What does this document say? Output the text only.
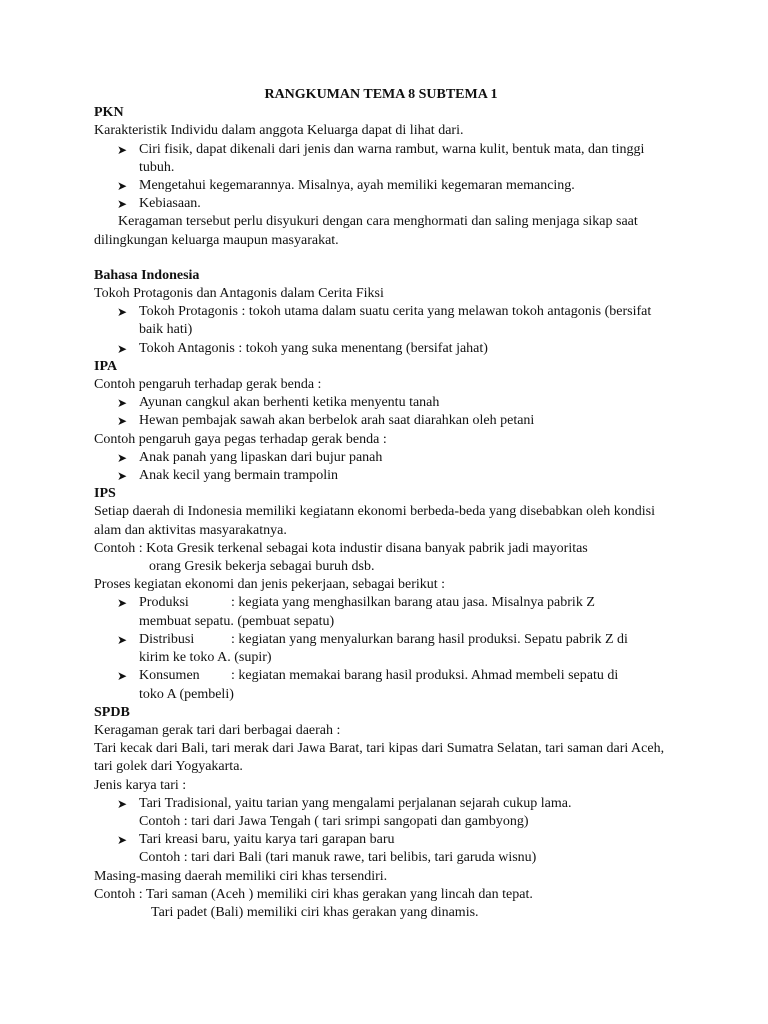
RANGKUMAN TEMA 8 SUBTEMA 1
PKN
Karakteristik Individu dalam anggota Keluarga dapat di lihat dari.
➤ Ciri fisik, dapat dikenali dari jenis dan warna rambut, warna kulit, bentuk mata, dan tinggi tubuh.
➤ Mengetahui kegemarannya. Misalnya, ayah memiliki kegemaran memancing.
➤ Kebiasaan.
Keragaman tersebut perlu disyukuri dengan cara menghormati dan saling menjaga sikap saat dilingkungan keluarga maupun masyarakat.
Bahasa Indonesia
Tokoh Protagonis dan Antagonis dalam Cerita Fiksi
➤ Tokoh Protagonis : tokoh utama dalam suatu cerita yang melawan tokoh antagonis (bersifat baik hati)
➤ Tokoh Antagonis : tokoh yang suka menentang (bersifat jahat)
IPA
Contoh pengaruh terhadap gerak benda :
➤ Ayunan cangkul akan berhenti ketika menyentu tanah
➤ Hewan pembajak sawah akan berbelok arah saat diarahkan oleh petani
Contoh pengaruh gaya pegas terhadap gerak benda :
➤ Anak panah yang lipaskan dari bujur panah
➤ Anak kecil yang bermain trampolin
IPS
Setiap daerah di Indonesia memiliki kegiatann ekonomi berbeda-beda yang disebabkan oleh kondisi alam dan aktivitas masyarakatnya.
Contoh : Kota Gresik terkenal sebagai kota industir disana banyak pabrik jadi mayoritas
orang Gresik bekerja sebagai buruh dsb.
Proses kegiatan ekonomi dan jenis pekerjaan, sebagai berikut :
➤ Produksi	: kegiata yang menghasilkan barang atau jasa. Misalnya pabrik Z
membuat sepatu. (pembuat sepatu)
➤ Distribusi	: kegiatan yang menyalurkan barang hasil produksi. Sepatu pabrik Z di
kirim ke toko A. (supir)
➤ Konsumen : kegiatan memakai barang hasil produksi. Ahmad membeli sepatu di
toko A (pembeli)
SPDB
Keragaman gerak tari dari berbagai daerah :
Tari kecak dari Bali, tari merak dari Jawa Barat, tari kipas dari Sumatra Selatan, tari saman dari Aceh, tari golek dari Yogyakarta.
Jenis karya tari :
➤ Tari Tradisional, yaitu tarian yang mengalami perjalanan sejarah cukup lama.
Contoh : tari dari Jawa Tengah ( tari srimpi sangopati dan gambyong)
➤ Tari kreasi baru, yaitu karya tari garapan baru
Contoh : tari dari Bali (tari manuk rawe, tari belibis, tari garuda wisnu)
Masing-masing daerah memiliki ciri khas tersendiri.
Contoh : Tari saman (Aceh ) memiliki ciri khas gerakan yang lincah dan tepat.
Tari padet (Bali) memiliki ciri khas gerakan yang dinamis.
